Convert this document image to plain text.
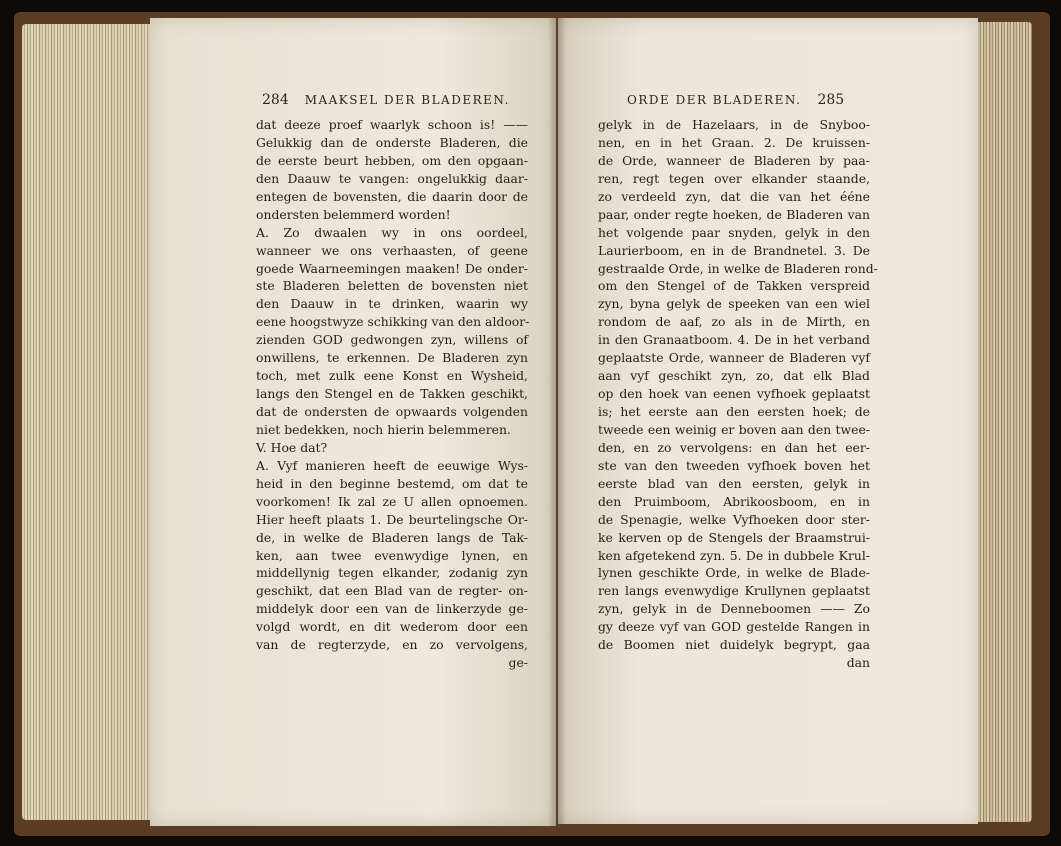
284 MAAKSEL DER BLADEREN.	ORDE DER BLADEREN. 285
dat deeze proef waarlyk schoon is! ——
Gelukkig dan de onderste Bladeren, die
de eerste beurt hebben, om den opgaan-
den Daauw te vangen: ongelukkig daar-
entegen de bovensten, die daarin door de
ondersten belemmerd worden!
A. Zo dwaalen wy in ons oordeel,
wanneer we ons verhaasten, of geene
goede Waarneemingen maaken! De onder-
ste Bladeren beletten de bovensten niet
den Daauw in te drinken, waarin wy
eene hoogstwyze schikking van den aldoor-
zienden GOD gedwongen zyn, willens of
onwillens, te erkennen. De Bladeren zyn
toch, met zulk eene Konst en Wysheid,
langs den Stengel en de Takken geschikt,
dat de ondersten de opwaards volgenden
niet bedekken, noch hierin belemmeren.
V. Hoe dat?
A. Vyf manieren heeft de eeuwige Wys-
heid in den beginne bestemd, om dat te
voorkomen! Ik zal ze U allen opnoemen.
Hier heeft plaats 1. De beurtelingsche Or-
de, in welke de Bladeren langs de Tak-
ken, aan twee evenwydige lynen, en
middellynig tegen elkander, zodanig zyn
geschikt, dat een Blad van de regter- on-
middelyk door een van de linkerzyde ge-
volgd wordt, en dit wederom door een
van de regterzyde, en zo vervolgens,
ge-
gelyk in de Hazelaars, in de Snyboo-
nen, en in het Graan. 2. De kruissen-
de Orde, wanneer de Bladeren by paa-
ren, regt tegen over elkander staande,
zo verdeeld zyn, dat die van het ééne
paar, onder regte hoeken, de Bladeren van
het volgende paar snyden, gelyk in den
Laurierboom, en in de Brandnetel. 3. De
gestraalde Orde, in welke de Bladeren rond-
om den Stengel of de Takken verspreid
zyn, byna gelyk de speeken van een wiel
rondom de aaf, zo als in de Mirth, en
in den Granaatboom. 4. De in het verband
geplaatste Orde, wanneer de Bladeren vyf
aan vyf geschikt zyn, zo, dat elk Blad
op den hoek van eenen vyfhoek geplaatst
is; het eerste aan den eersten hoek; de
tweede een weinig er boven aan den twee-
den, en zo vervolgens: en dan het eer-
ste van den tweeden vyfhoek boven het
eerste blad van den eersten, gelyk in
den Pruimboom, Abrikoosboom, en in
de Spenagie, welke Vyfhoeken door ster-
ke kerven op de Stengels der Braamstrui-
ken afgetekend zyn. 5. De in dubbele Krul-
lynen geschikte Orde, in welke de Blade-
ren langs evenwydige Krullynen geplaatst
zyn, gelyk in de Denneboomen —— Zo
gy deeze vyf van GOD gestelde Rangen in
de Boomen niet duidelyk begrypt, gaa
dan
